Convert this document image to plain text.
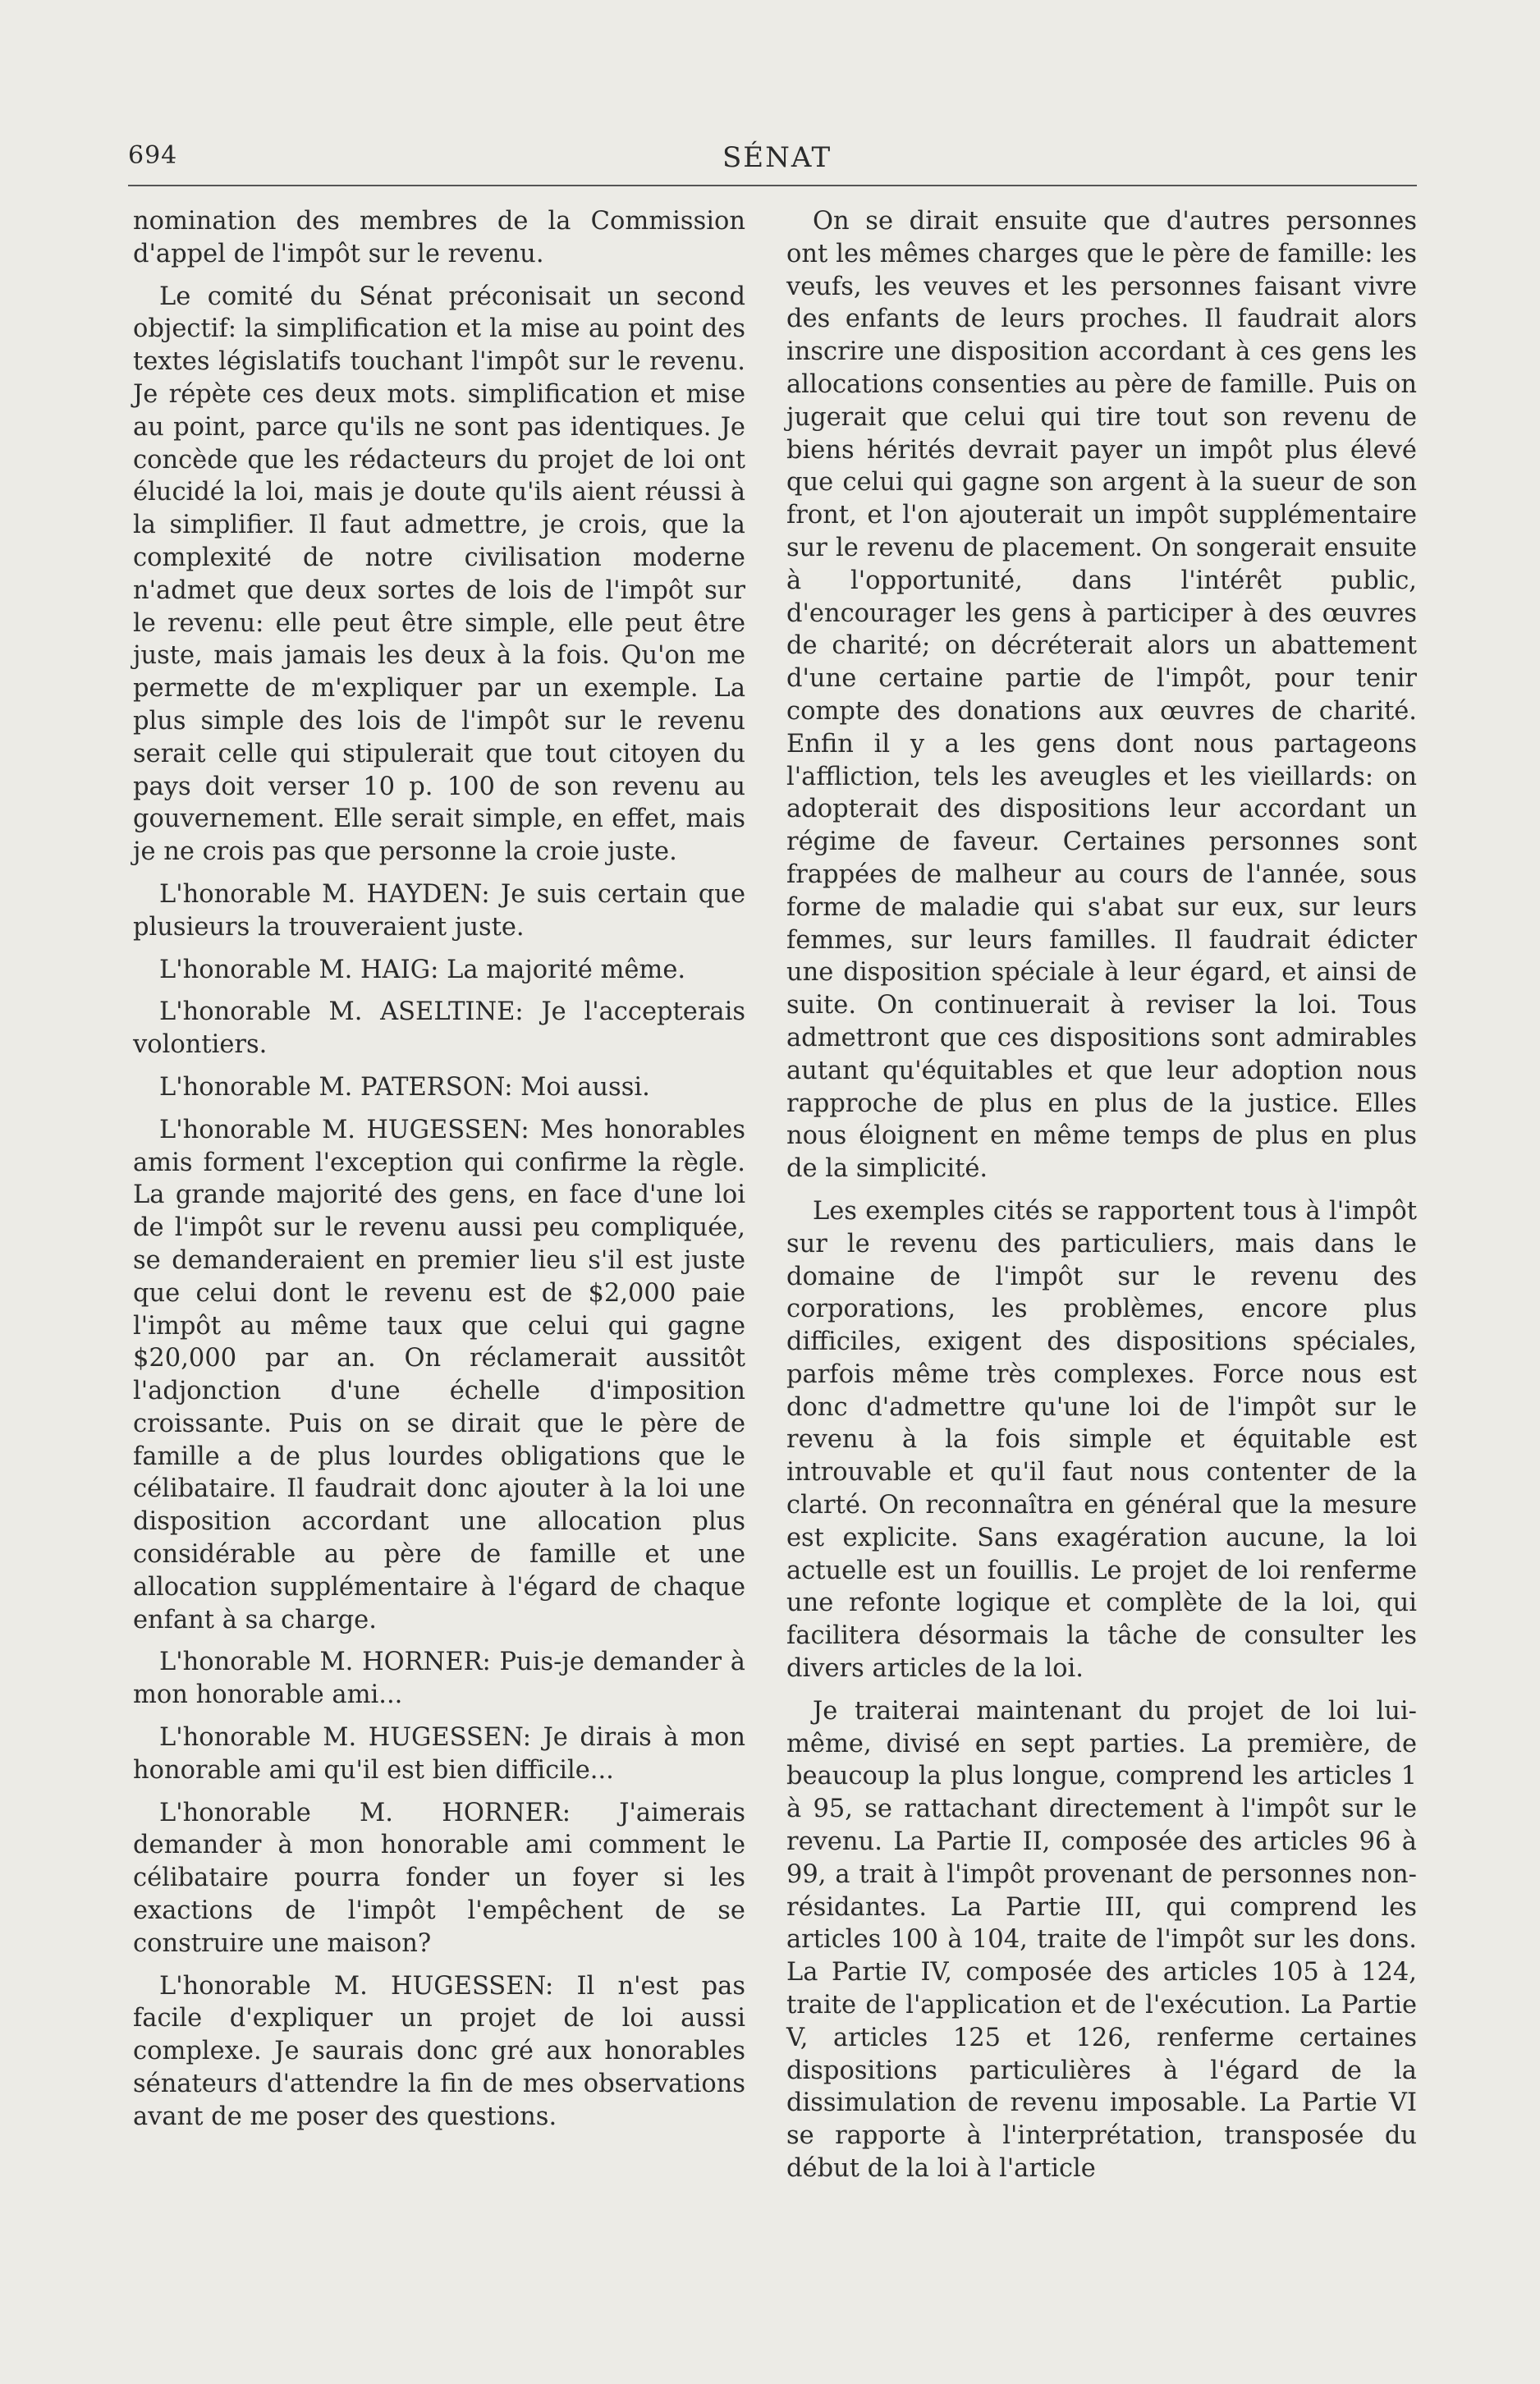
694	SÉNAT

nomination des membres de la Commission d'appel de l'impôt sur le revenu.

Le comité du Sénat préconisait un second objectif: la simplification et la mise au point des textes législatifs touchant l'impôt sur le revenu. Je répète ces deux mots. simplification et mise au point, parce qu'ils ne sont pas identiques. Je concède que les rédacteurs du projet de loi ont élucidé la loi, mais je doute qu'ils aient réussi à la simplifier. Il faut admettre, je crois, que la complexité de notre civilisation moderne n'admet que deux sortes de lois de l'impôt sur le revenu: elle peut être simple, elle peut être juste, mais jamais les deux à la fois. Qu'on me permette de m'expliquer par un exemple. La plus simple des lois de l'impôt sur le revenu serait celle qui stipulerait que tout citoyen du pays doit verser 10 p. 100 de son revenu au gouvernement. Elle serait simple, en effet, mais je ne crois pas que personne la croie juste.

L'honorable M. HAYDEN: Je suis certain que plusieurs la trouveraient juste.

L'honorable M. HAIG: La majorité même.

L'honorable M. ASELTINE: Je l'accepterais volontiers.

L'honorable M. PATERSON: Moi aussi.

L'honorable M. HUGESSEN: Mes honorables amis forment l'exception qui confirme la règle. La grande majorité des gens, en face d'une loi de l'impôt sur le revenu aussi peu compliquée, se demanderaient en premier lieu s'il est juste que celui dont le revenu est de $2,000 paie l'impôt au même taux que celui qui gagne $20,000 par an. On réclamerait aussitôt l'adjonction d'une échelle d'imposition croissante. Puis on se dirait que le père de famille a de plus lourdes obligations que le célibataire. Il faudrait donc ajouter à la loi une disposition accordant une allocation plus considérable au père de famille et une allocation supplémentaire à l'égard de chaque enfant à sa charge.

L'honorable M. HORNER: Puis-je demander à mon honorable ami...

L'honorable M. HUGESSEN: Je dirais à mon honorable ami qu'il est bien difficile...

L'honorable M. HORNER: J'aimerais demander à mon honorable ami comment le célibataire pourra fonder un foyer si les exactions de l'impôt l'empêchent de se construire une maison?

L'honorable M. HUGESSEN: Il n'est pas facile d'expliquer un projet de loi aussi complexe. Je saurais donc gré aux honorables sénateurs d'attendre la fin de mes observations avant de me poser des questions.

On se dirait ensuite que d'autres personnes ont les mêmes charges que le père de famille: les veufs, les veuves et les personnes faisant vivre des enfants de leurs proches. Il faudrait alors inscrire une disposition accordant à ces gens les allocations consenties au père de famille. Puis on jugerait que celui qui tire tout son revenu de biens hérités devrait payer un impôt plus élevé que celui qui gagne son argent à la sueur de son front, et l'on ajouterait un impôt supplémentaire sur le revenu de placement. On songerait ensuite à l'opportunité, dans l'intérêt public, d'encourager les gens à participer à des œuvres de charité; on décréterait alors un abattement d'une certaine partie de l'impôt, pour tenir compte des donations aux œuvres de charité. Enfin il y a les gens dont nous partageons l'affliction, tels les aveugles et les vieillards: on adopterait des dispositions leur accordant un régime de faveur. Certaines personnes sont frappées de malheur au cours de l'année, sous forme de maladie qui s'abat sur eux, sur leurs femmes, sur leurs familles. Il faudrait édicter une disposition spéciale à leur égard, et ainsi de suite. On continuerait à reviser la loi. Tous admettront que ces dispositions sont admirables autant qu'équitables et que leur adoption nous rapproche de plus en plus de la justice. Elles nous éloignent en même temps de plus en plus de la simplicité.

Les exemples cités se rapportent tous à l'impôt sur le revenu des particuliers, mais dans le domaine de l'impôt sur le revenu des corporations, les problèmes, encore plus difficiles, exigent des dispositions spéciales, parfois même très complexes. Force nous est donc d'admettre qu'une loi de l'impôt sur le revenu à la fois simple et équitable est introuvable et qu'il faut nous contenter de la clarté. On reconnaîtra en général que la mesure est explicite. Sans exagération aucune, la loi actuelle est un fouillis. Le projet de loi renferme une refonte logique et complète de la loi, qui facilitera désormais la tâche de consulter les divers articles de la loi.

Je traiterai maintenant du projet de loi lui-même, divisé en sept parties. La première, de beaucoup la plus longue, comprend les articles 1 à 95, se rattachant directement à l'impôt sur le revenu. La Partie II, composée des articles 96 à 99, a trait à l'impôt provenant de personnes non-résidantes. La Partie III, qui comprend les articles 100 à 104, traite de l'impôt sur les dons. La Partie IV, composée des articles 105 à 124, traite de l'application et de l'exécution. La Partie V, articles 125 et 126, renferme certaines dispositions particulières à l'égard de la dissimulation de revenu imposable. La Partie VI se rapporte à l'interprétation, transposée du début de la loi à l'article
